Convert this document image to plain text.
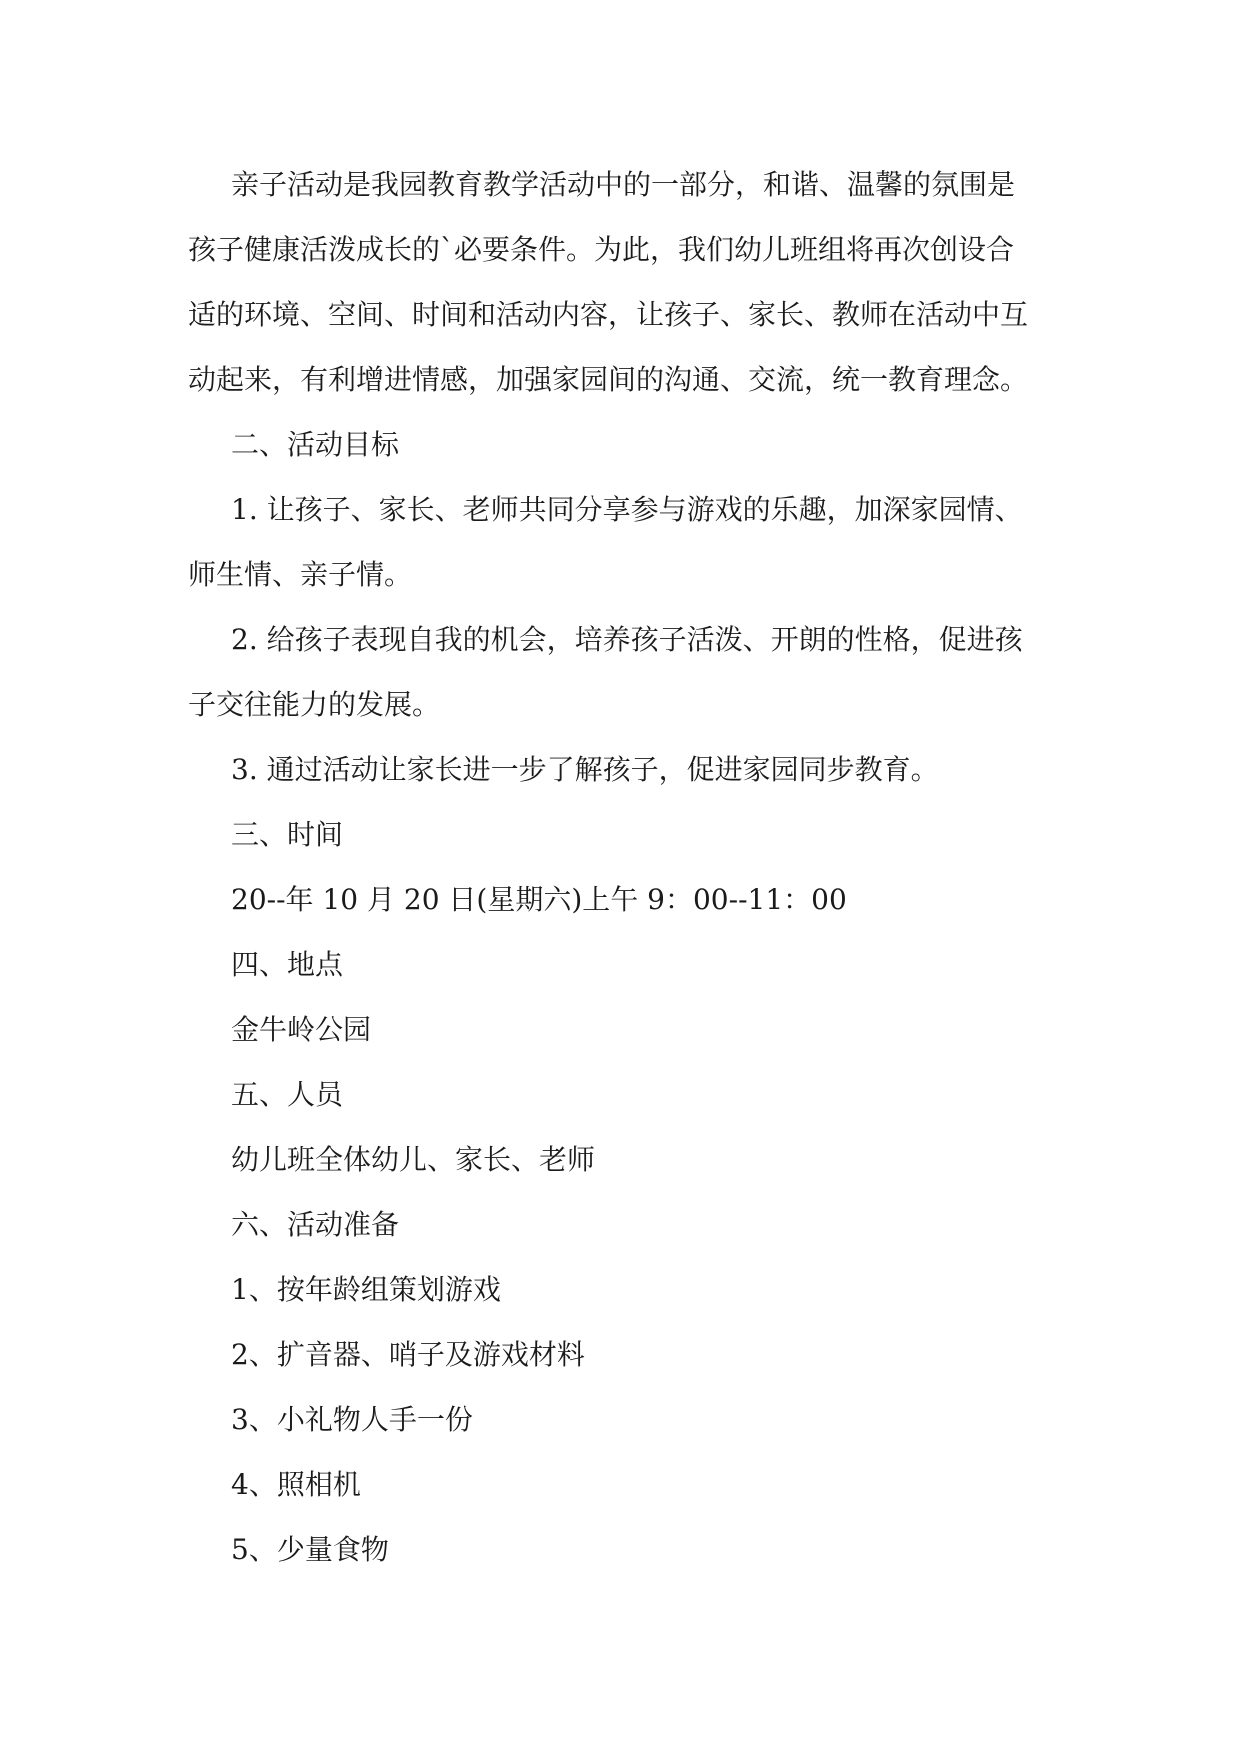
亲子活动是我园教育教学活动中的一部分，和谐、温馨的氛围是

孩子健康活泼成长的`必要条件。为此，我们幼儿班组将再次创设合

适的环境、空间、时间和活动内容，让孩子、家长、教师在活动中互

动起来，有利增进情感，加强家园间的沟通、交流，统一教育理念。

二、活动目标

1. 让孩子、家长、老师共同分享参与游戏的乐趣，加深家园情、

师生情、亲子情。

2. 给孩子表现自我的机会，培养孩子活泼、开朗的性格，促进孩

子交往能力的发展。

3. 通过活动让家长进一步了解孩子，促进家园同步教育。

三、时间

20--年 10 月 20 日(星期六)上午 9：00--11：00

四、地点

金牛岭公园

五、人员

幼儿班全体幼儿、家长、老师

六、活动准备

1、按年龄组策划游戏

2、扩音器、哨子及游戏材料

3、小礼物人手一份

4、照相机

5、少量食物
